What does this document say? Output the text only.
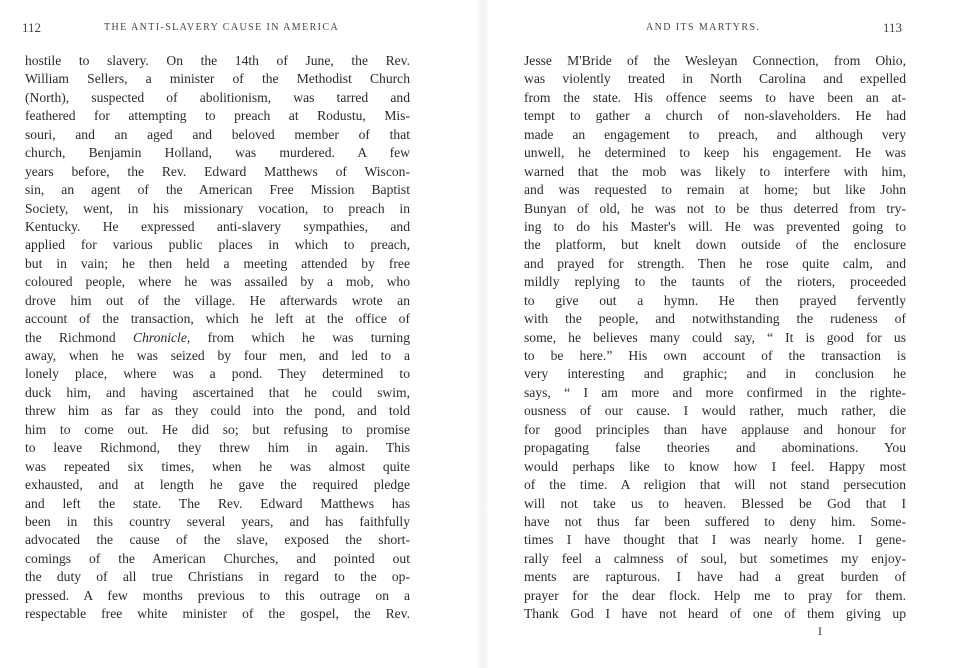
112	THE ANTI-SLAVERY CAUSE IN AMERICA
hostile to slavery. On the 14th of June, the Rev.
William Sellers, a minister of the Methodist Church
(North), suspected of abolitionism, was tarred and
feathered for attempting to preach at Rodustu, Mis-
souri, and an aged and beloved member of that
church, Benjamin Holland, was murdered. A few
years before, the Rev. Edward Matthews of Wiscon-
sin, an agent of the American Free Mission Baptist
Society, went, in his missionary vocation, to preach in
Kentucky. He expressed anti-slavery sympathies, and
applied for various public places in which to preach,
but in vain; he then held a meeting attended by free
coloured people, where he was assailed by a mob, who
drove him out of the village. He afterwards wrote an
account of the transaction, which he left at the office of
the Richmond Chronicle, from which he was turning
away, when he was seized by four men, and led to a
lonely place, where was a pond. They determined to
duck him, and having ascertained that he could swim,
threw him as far as they could into the pond, and told
him to come out. He did so; but refusing to promise
to leave Richmond, they threw him in again. This
was repeated six times, when he was almost quite
exhausted, and at length he gave the required pledge
and left the state. The Rev. Edward Matthews has
been in this country several years, and has faithfully
advocated the cause of the slave, exposed the short-
comings of the American Churches, and pointed out
the duty of all true Christians in regard to the op-
pressed. A few months previous to this outrage on a
respectable free white minister of the gospel, the Rev.
AND ITS MARTYRS.	113
Jesse M'Bride of the Wesleyan Connection, from Ohio,
was violently treated in North Carolina and expelled
from the state. His offence seems to have been an at-
tempt to gather a church of non-slaveholders. He had
made an engagement to preach, and although very
unwell, he determined to keep his engagement. He was
warned that the mob was likely to interfere with him,
and was requested to remain at home; but like John
Bunyan of old, he was not to be thus deterred from try-
ing to do his Master's will. He was prevented going to
the platform, but knelt down outside of the enclosure
and prayed for strength. Then he rose quite calm, and
mildly replying to the taunts of the rioters, proceeded
to give out a hymn. He then prayed fervently
with the people, and notwithstanding the rudeness of
some, he believes many could say, “ It is good for us
to be here.” His own account of the transaction is
very interesting and graphic; and in conclusion he
says, “ I am more and more confirmed in the righte-
ousness of our cause. I would rather, much rather, die
for good principles than have applause and honour for
propagating false theories and abominations. You
would perhaps like to know how I feel. Happy most
of the time. A religion that will not stand persecution
will not take us to heaven. Blessed be God that I
have not thus far been suffered to deny him. Some-
times I have thought that I was nearly home. I gene-
rally feel a calmness of soul, but sometimes my enjoy-
ments are rapturous. I have had a great burden of
prayer for the dear flock. Help me to pray for them.
Thank God I have not heard of one of them giving up
I
